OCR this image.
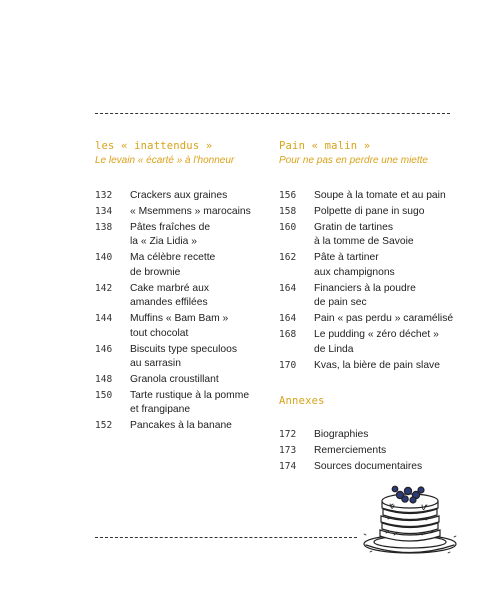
les « inattendus »
Le levain « écarté » à l'honneur
132	Crackers aux graines
134	« Msemmens » marocains
138	Pâtes fraîches de
la « Zia Lidia »
140	Ma célèbre recette
de brownie
142	Cake marbré aux
amandes effilées
144	Muffins « Bam Bam »
tout chocolat
146	Biscuits type speculoos
au sarrasin
148	Granola croustillant
150	Tarte rustique à la pomme
et frangipane
152	Pancakes à la banane
Pain « malin »
Pour ne pas en perdre une miette
156	Soupe à la tomate et au pain
158	Polpette di pane in sugo
160	Gratin de tartines
à la tomme de Savoie
162	Pâte à tartiner
aux champignons
164	Financiers à la poudre
de pain sec
164	Pain « pas perdu » caramélisé
168	Le pudding « zéro déchet »
de Linda
170	Kvas, la bière de pain slave
Annexes
172	Biographies
173	Remerciements
174	Sources documentaires
